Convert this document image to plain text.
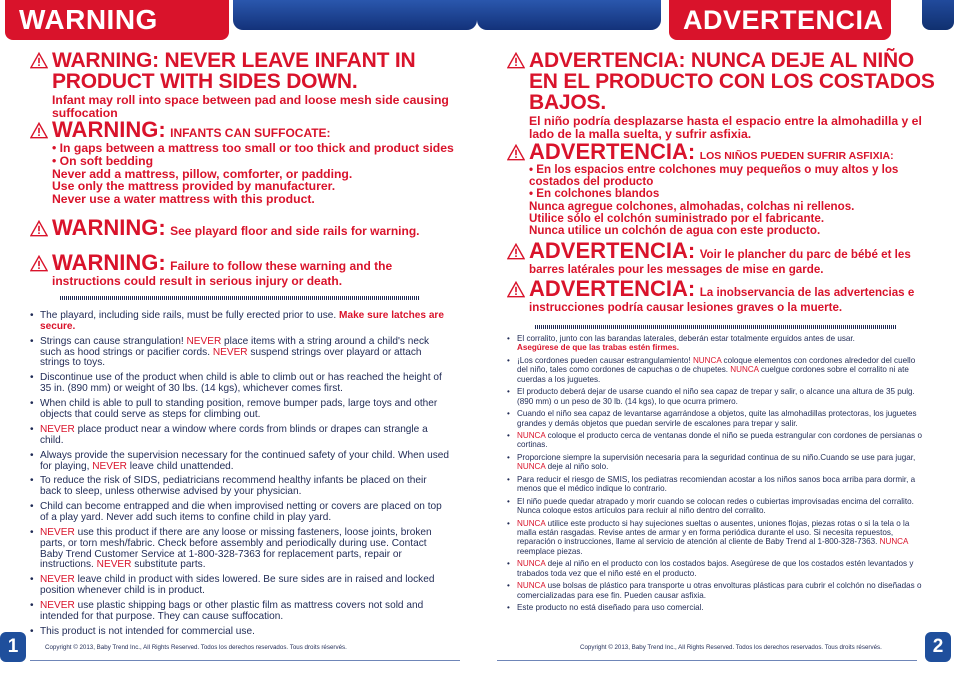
WARNING
WARNING: NEVER LEAVE INFANT IN PRODUCT WITH SIDES DOWN.
Infant may roll into space between pad and loose mesh side causing suffocation
WARNING: INFANTS CAN SUFFOCATE:
• In gaps between a mattress too small or too thick and product sides
• On soft bedding
Never add a mattress, pillow, comforter, or padding.
Use only the mattress provided by manufacturer.
Never use a water mattress with this product.
WARNING: See playard floor and side rails for warning.
WARNING: Failure to follow these warning and the instructions could result in serious injury or death.
• The playard, including side rails, must be fully erected prior to use. Make sure latches are secure.
• Strings can cause strangulation! NEVER place items with a string around a child's neck such as hood strings or pacifier cords. NEVER suspend strings over playard or attach strings to toys.
• Discontinue use of the product when child is able to climb out or has reached the height of 35 in. (890 mm) or weight of 30 lbs. (14 kgs), whichever comes first.
• When child is able to pull to standing position, remove bumper pads, large toys and other objects that could serve as steps for climbing out.
• NEVER place product near a window where cords from blinds or drapes can strangle a child.
• Always provide the supervision necessary for the continued safety of your child. When used for playing, NEVER leave child unattended.
• To reduce the risk of SIDS, pediatricians recommend healthy infants be placed on their back to sleep, unless otherwise advised by your physician.
• Child can become entrapped and die when improvised netting or covers are placed on top of a play yard. Never add such items to confine child in play yard.
• NEVER use this product if there are any loose or missing fasteners, loose joints, broken parts, or torn mesh/fabric. Check before assembly and periodically during use. Contact Baby Trend Customer Service at 1-800-328-7363 for replacement parts, repair or instructions. NEVER substitute parts.
• NEVER leave child in product with sides lowered. Be sure sides are in raised and locked position whenever child is in product.
• NEVER use plastic shipping bags or other plastic film as mattress covers not sold and intended for that purpose. They can cause suffocation.
• This product is not intended for commercial use.
1	Copyright © 2013, Baby Trend Inc., All Rights Reserved. Todos los derechos reservados. Tous droits réservés.
ADVERTENCIA
ADVERTENCIA: NUNCA DEJE AL NIÑO EN EL PRODUCTO CON LOS COSTADOS BAJOS.
El niño podría desplazarse hasta el espacio entre la almohadilla y el lado de la malla suelta, y sufrir asfixia.
ADVERTENCIA: LOS NIÑOS PUEDEN SUFRIR ASFIXIA:
• En los espacios entre colchones muy pequeños o muy altos y los costados del producto
• En colchones blandos
Nunca agregue colchones, almohadas, colchas ni rellenos.
Utilice sólo el colchón suministrado por el fabricante.
Nunca utilice un colchón de agua con este producto.
ADVERTENCIA: Voir le plancher du parc de bébé et les barres latérales pour les messages de mise en garde.
ADVERTENCIA: La inobservancia de las advertencias e instrucciones podría causar lesiones graves o la muerte.
• El corralito, junto con las barandas laterales, deberán estar totalmente erguidos antes de usar.
Asegúrese de que las trabas estén firmes.
• ¡Los cordones pueden causar estrangulamiento! NUNCA coloque elementos con cordones alrededor del cuello del niño, tales como cordones de capuchas o de chupetes. NUNCA cuelgue cordones sobre el corralito ni ate cuerdas a los juguetes.
• El producto deberá dejar de usarse cuando el niño sea capaz de trepar y salir, o alcance una altura de 35 pulg. (890 mm) o un peso de 30 lb. (14 kgs), lo que ocurra primero.
• Cuando el niño sea capaz de levantarse agarrándose a objetos, quite las almohadillas protectoras, los juguetes grandes y demás objetos que puedan servirle de escalones para trepar y salir.
• NUNCA coloque el producto cerca de ventanas donde el niño se pueda estrangular con cordones de persianas o cortinas.
• Proporcione siempre la supervisión necesaria para la seguridad continua de su niño.Cuando se use para jugar, NUNCA deje al niño solo.
• Para reducir el riesgo de SMIS, los pediatras recomiendan acostar a los niños sanos boca arriba para dormir, a menos que el médico indique lo contrario.
• El niño puede quedar atrapado y morir cuando se colocan redes o cubiertas improvisadas encima del corralito. Nunca coloque estos artículos para recluir al niño dentro del corralito.
• NUNCA utilice este producto si hay sujeciones sueltas o ausentes, uniones flojas, piezas rotas o si la tela o la malla están rasgadas. Revise antes de armar y en forma periódica durante el uso. Si necesita repuestos, reparación o instrucciones, llame al servicio de atención al cliente de Baby Trend al 1-800-328-7363. NUNCA reemplace piezas.
• NUNCA deje al niño en el producto con los costados bajos. Asegúrese de que los costados estén levantados y trabados toda vez que el niño esté en el producto.
• NUNCA use bolsas de plástico para transporte u otras envolturas plásticas para cubrir el colchón no diseñadas o comercializadas para ese fin. Pueden causar asfixia.
• Este producto no está diseñado para uso comercial.
Copyright © 2013, Baby Trend Inc., All Rights Reserved. Todos los derechos reservados. Tous droits réservés.	2
